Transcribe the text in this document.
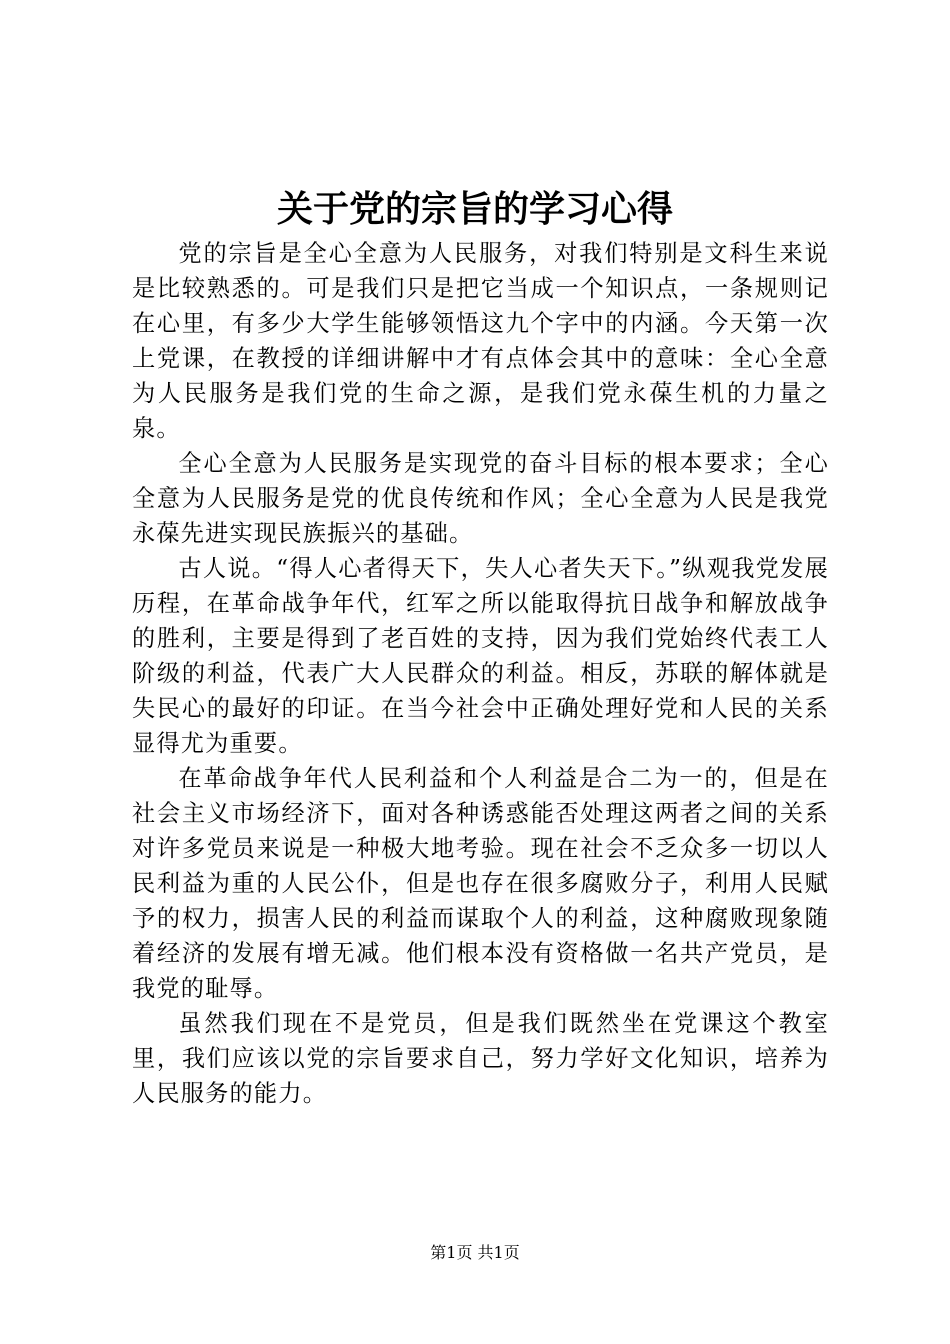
关于党的宗旨的学习心得

党的宗旨是全心全意为人民服务，对我们特别是文科生来说是比较熟悉的。可是我们只是把它当成一个知识点，一条规则记在心里，有多少大学生能够领悟这九个字中的内涵。今天第一次上党课，在教授的详细讲解中才有点体会其中的意味：全心全意为人民服务是我们党的生命之源，是我们党永葆生机的力量之泉。

全心全意为人民服务是实现党的奋斗目标的根本要求；全心全意为人民服务是党的优良传统和作风；全心全意为人民是我党永葆先进实现民族振兴的基础。

古人说。“得人心者得天下，失人心者失天下。”纵观我党发展历程，在革命战争年代，红军之所以能取得抗日战争和解放战争的胜利，主要是得到了老百姓的支持，因为我们党始终代表工人阶级的利益，代表广大人民群众的利益。相反，苏联的解体就是失民心的最好的印证。在当今社会中正确处理好党和人民的关系显得尤为重要。

在革命战争年代人民利益和个人利益是合二为一的，但是在社会主义市场经济下，面对各种诱惑能否处理这两者之间的关系对许多党员来说是一种极大地考验。现在社会不乏众多一切以人民利益为重的人民公仆，但是也存在很多腐败分子，利用人民赋予的权力，损害人民的利益而谋取个人的利益，这种腐败现象随着经济的发展有增无减。他们根本没有资格做一名共产党员，是我党的耻辱。

虽然我们现在不是党员，但是我们既然坐在党课这个教室里，我们应该以党的宗旨要求自己，努力学好文化知识，培养为人民服务的能力。

第1页 共1页
